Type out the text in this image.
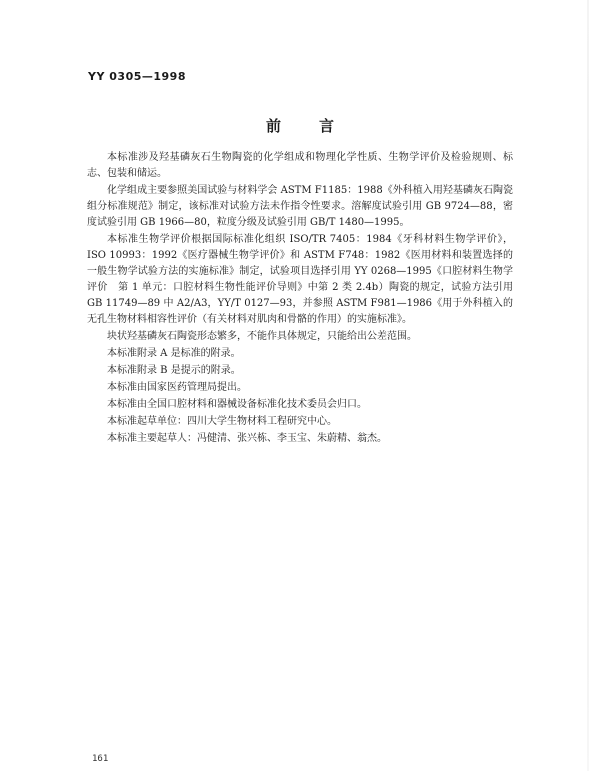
YY 0305—1998
前言

本标准涉及羟基磷灰石生物陶瓷的化学组成和物理化学性质、生物学评价及检验规则、标志、包装和储运。

化学组成主要参照美国试验与材料学会 ASTM F1185：1988《外科植入用羟基磷灰石陶瓷组分标准规范》制定，该标准对试验方法未作指令性要求。溶解度试验引用 GB 9724—88，密度试验引用 GB 1966—80，粒度分级及试验引用 GB/T 1480—1995。

本标准生物学评价根据国际标准化组织 ISO/TR 7405：1984《牙科材料生物学评价》，ISO 10993：1992《医疗器械生物学评价》和 ASTM F748：1982《医用材料和装置选择的一般生物学试验方法的实施标准》制定，试验项目选择引用 YY 0268—1995《口腔材料生物学评价　第 1 单元：口腔材料生物性能评价导则》中第 2 类 2.4b）陶瓷的规定，试验方法引用 GB 11749—89 中 A2/A3，YY/T 0127—93，并参照 ASTM F981—1986《用于外科植入的无孔生物材料相容性评价（有关材料对肌肉和骨骼的作用）的实施标准》。

块状羟基磷灰石陶瓷形态繁多，不能作具体规定，只能给出公差范围。

本标准附录 A 是标准的附录。

本标准附录 B 是提示的附录。

本标准由国家医药管理局提出。

本标准由全国口腔材料和器械设备标准化技术委员会归口。

本标准起草单位：四川大学生物材料工程研究中心。

本标准主要起草人：冯健清、张兴栋、李玉宝、朱蔚精、翁杰。

161
